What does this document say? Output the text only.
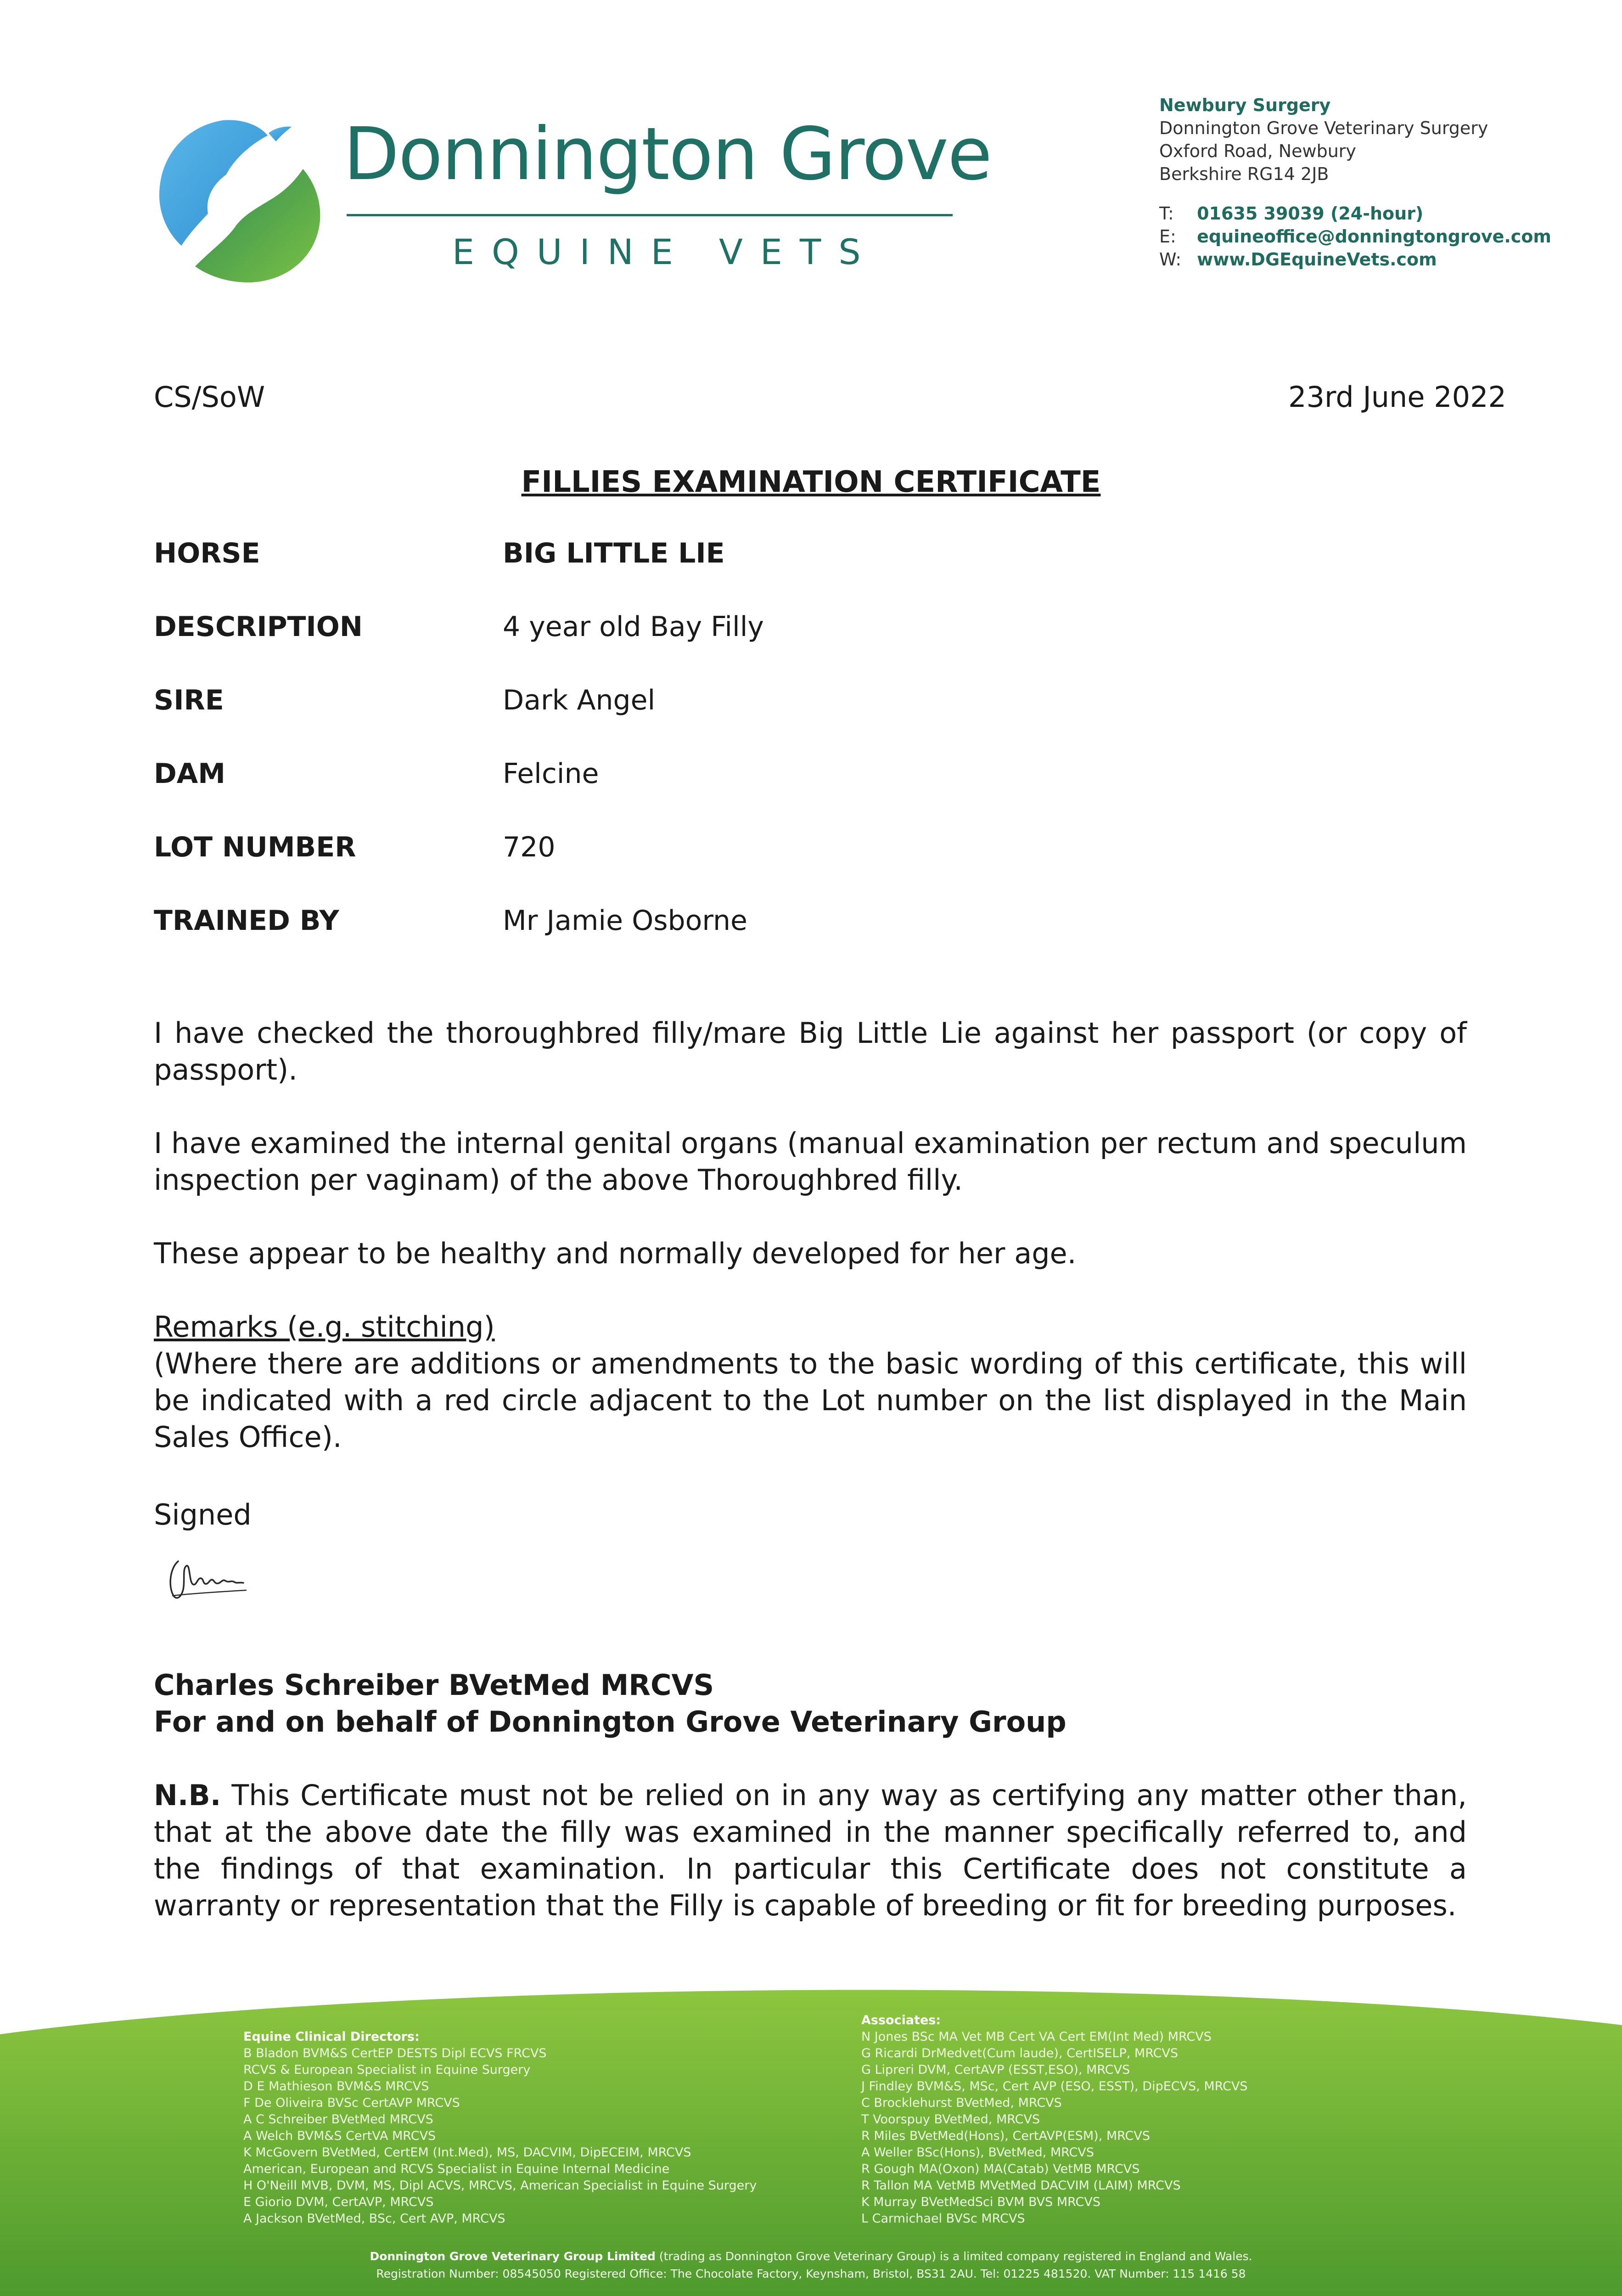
Donnington Grove
EQUINE VETS
Newbury Surgery
Donnington Grove Veterinary Surgery
Oxford Road, Newbury
Berkshire RG14 2JB
T: 01635 39039 (24-hour)
E: equineoffice@donningtongrove.com
W: www.DGEquineVets.com
CS/SoW	23rd June 2022
FILLIES EXAMINATION CERTIFICATE
HORSE	BIG LITTLE LIE
DESCRIPTION	4 year old Bay Filly
SIRE	Dark Angel
DAM	Felcine
LOT NUMBER	720
TRAINED BY	Mr Jamie Osborne

I have checked the thoroughbred filly/mare Big Little Lie against her passport (or copy of passport).

I have examined the internal genital organs (manual examination per rectum and speculum inspection per vaginam) of the above Thoroughbred filly.

These appear to be healthy and normally developed for her age.

Remarks (e.g. stitching)
(Where there are additions or amendments to the basic wording of this certificate, this will be indicated with a red circle adjacent to the Lot number on the list displayed in the Main Sales Office).
Signed
Charles Schreiber BVetMed MRCVS
For and on behalf of Donnington Grove Veterinary Group
N.B. This Certificate must not be relied on in any way as certifying any matter other than, that at the above date the filly was examined in the manner specifically referred to, and the findings of that examination. In particular this Certificate does not constitute a warranty or representation that the Filly is capable of breeding or fit for breeding purposes.
Equine Clinical Directors:
B Bladon BVM&S CertEP DESTS Dipl ECVS FRCVS
RCVS & European Specialist in Equine Surgery
D E Mathieson BVM&S MRCVS
F De Oliveira BVSc CertAVP MRCVS
A C Schreiber BVetMed MRCVS
A Welch BVM&S CertVA MRCVS
K McGovern BVetMed, CertEM (Int.Med), MS, DACVIM, DipECEIM, MRCVS
American, European and RCVS Specialist in Equine Internal Medicine
H O'Neill MVB, DVM, MS, Dipl ACVS, MRCVS, American Specialist in Equine Surgery
E Giorio DVM, CertAVP, MRCVS
A Jackson BVetMed, BSc, Cert AVP, MRCVS
Associates:
N Jones BSc MA Vet MB Cert VA Cert EM(Int Med) MRCVS
G Ricardi DrMedvet(Cum laude), CertISELP, MRCVS
G Lipreri DVM, CertAVP (ESST,ESO), MRCVS
J Findley BVM&S, MSc, Cert AVP (ESO, ESST), DipECVS, MRCVS
C Brocklehurst BVetMed, MRCVS
T Voorspuy BVetMed, MRCVS
R Miles BVetMed(Hons), CertAVP(ESM), MRCVS
A Weller BSc(Hons), BVetMed, MRCVS
R Gough MA(Oxon) MA(Catab) VetMB MRCVS
R Tallon MA VetMB MVetMed DACVIM (LAIM) MRCVS
K Murray BVetMedSci BVM BVS MRCVS
L Carmichael BVSc MRCVS
Donnington Grove Veterinary Group Limited (trading as Donnington Grove Veterinary Group) is a limited company registered in England and Wales.
Registration Number: 08545050 Registered Office: The Chocolate Factory, Keynsham, Bristol, BS31 2AU. Tel: 01225 481520. VAT Number: 115 1416 58
